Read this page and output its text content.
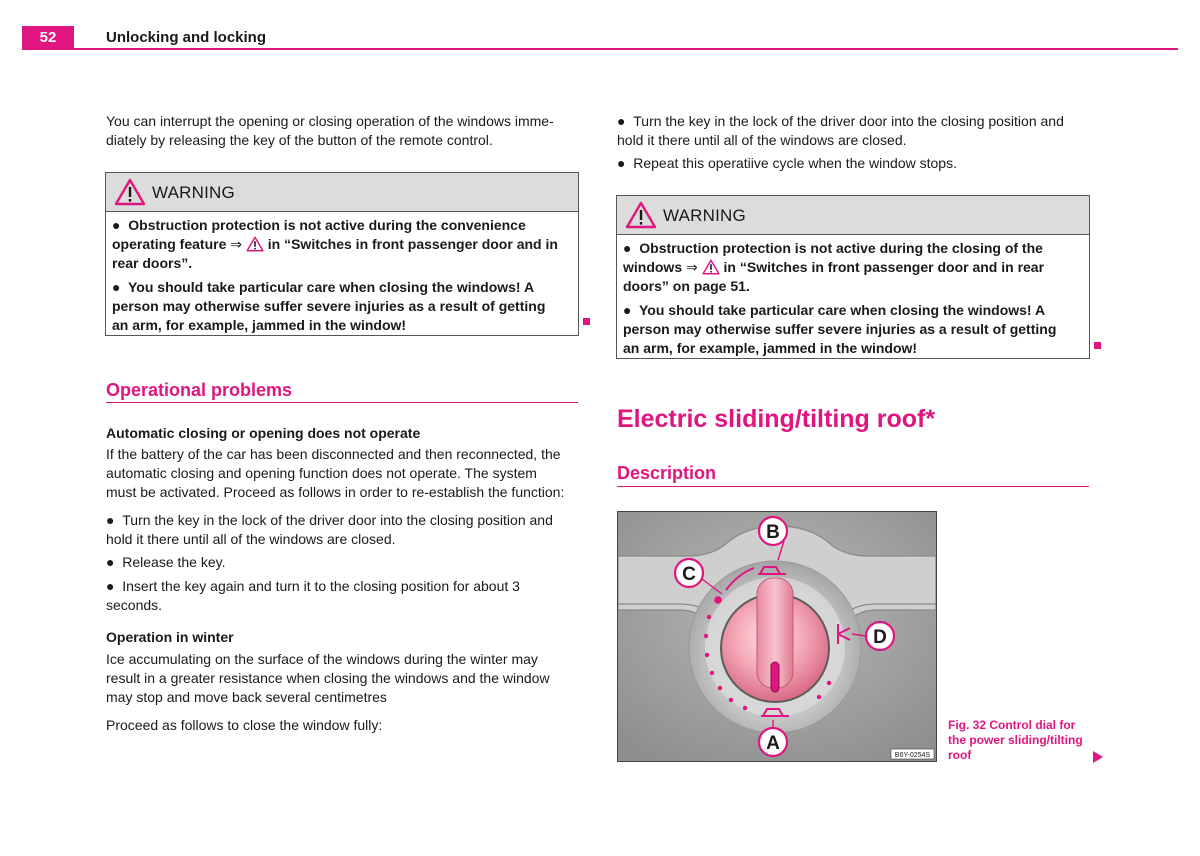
52	Unlocking and locking
You can interrupt the opening or closing operation of the windows imme-
diately by releasing the key of the button of the remote control.
WARNING
● Obstruction protection is not active during the convenience
operating feature ⇒ in “Switches in front passenger door and in
rear doors”.
● You should take particular care when closing the windows! A
person may otherwise suffer severe injuries as a result of getting
an arm, for example, jammed in the window!
Operational problems
Automatic closing or opening does not operate
If the battery of the car has been disconnected and then reconnected, the
automatic closing and opening function does not operate. The system
must be activated. Proceed as follows in order to re-establish the function:
● Turn the key in the lock of the driver door into the closing position and
hold it there until all of the windows are closed.
● Release the key.
● Insert the key again and turn it to the closing position for about 3
seconds.
Operation in winter
Ice accumulating on the surface of the windows during the winter may
result in a greater resistance when closing the windows and the window
may stop and move back several centimetres
Proceed as follows to close the window fully:
● Turn the key in the lock of the driver door into the closing position and
hold it there until all of the windows are closed.
● Repeat this operatiive cycle when the window stops.
WARNING
● Obstruction protection is not active during the closing of the
windows ⇒ in “Switches in front passenger door and in rear
doors” on page 51.
● You should take particular care when closing the windows! A
person may otherwise suffer severe injuries as a result of getting
an arm, for example, jammed in the window!
Electric sliding/tilting roof*
Description
B
C
D
A
B6Y-0254S
Fig. 32 Control dial for
the power sliding/tilting
roof
